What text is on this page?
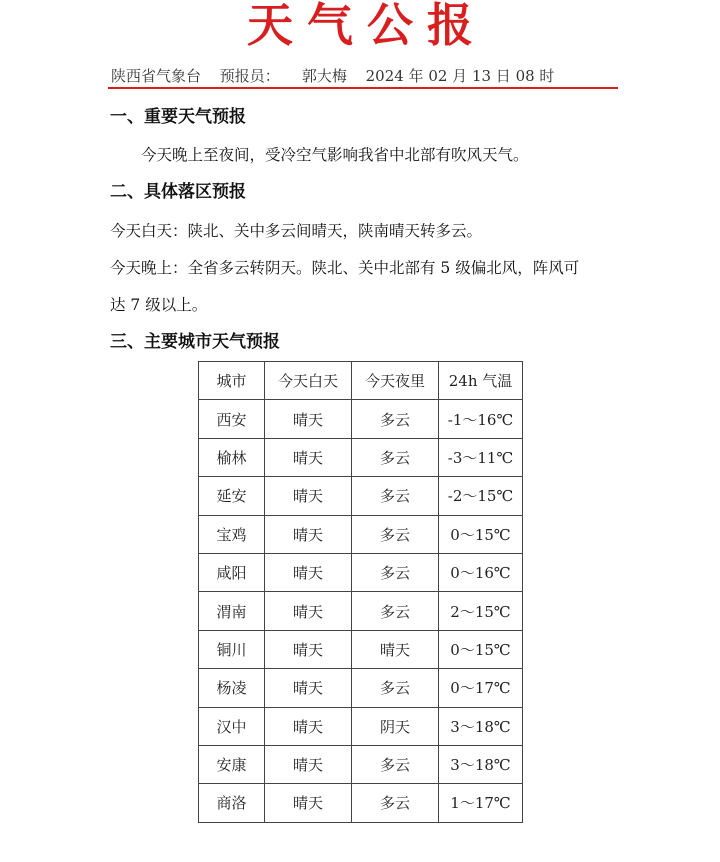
天气公报
陕西省气象台 预报员： 郭大梅 2024 年 02 月 13 日 08 时
一、重要天气预报
今天晚上至夜间，受冷空气影响我省中北部有吹风天气。
二、具体落区预报
今天白天：陕北、关中多云间晴天，陕南晴天转多云。
今天晚上：全省多云转阴天。陕北、关中北部有 5 级偏北风，阵风可
达 7 级以上。
三、主要城市天气预报
城市	今天白天	今天夜里	24h 气温
西安	晴天	多云	-1～16℃
榆林	晴天	多云	-3～11℃
延安	晴天	多云	-2～15℃
宝鸡	晴天	多云	0～15℃
咸阳	晴天	多云	0～16℃
渭南	晴天	多云	2～15℃
铜川	晴天	晴天	0～15℃
杨凌	晴天	多云	0～17℃
汉中	晴天	阴天	3～18℃
安康	晴天	多云	3～18℃
商洛	晴天	多云	1～17℃
